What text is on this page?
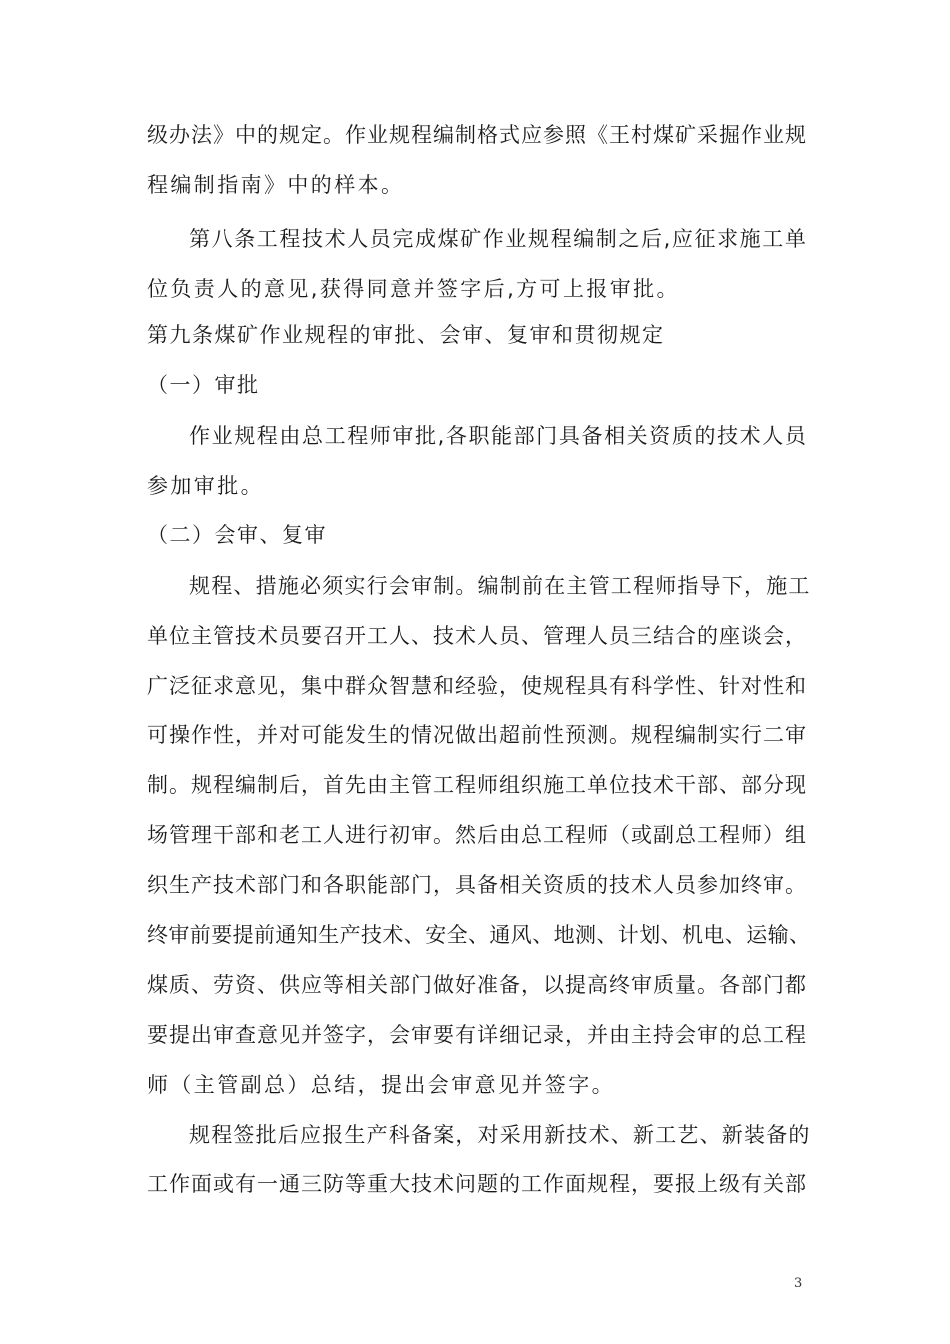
级办法》中的规定。作业规程编制格式应参照《王村煤矿采掘作业规
程编制指南》中的样本。
第八条工程技术人员完成煤矿作业规程编制之后,应征求施工单
位负责人的意见,获得同意并签字后,方可上报审批。
第九条煤矿作业规程的审批、会审、复审和贯彻规定
（一）审批
作业规程由总工程师审批,各职能部门具备相关资质的技术人员
参加审批。
（二）会审、复审
规程、措施必须实行会审制。编制前在主管工程师指导下，施工
单位主管技术员要召开工人、技术人员、管理人员三结合的座谈会，
广泛征求意见，集中群众智慧和经验，使规程具有科学性、针对性和
可操作性，并对可能发生的情况做出超前性预测。规程编制实行二审
制。规程编制后，首先由主管工程师组织施工单位技术干部、部分现
场管理干部和老工人进行初审。然后由总工程师（或副总工程师）组
织生产技术部门和各职能部门，具备相关资质的技术人员参加终审。
终审前要提前通知生产技术、安全、通风、地测、计划、机电、运输、
煤质、劳资、供应等相关部门做好准备，以提高终审质量。各部门都
要提出审查意见并签字，会审要有详细记录，并由主持会审的总工程
师（主管副总）总结，提出会审意见并签字。
规程签批后应报生产科备案，对采用新技术、新工艺、新装备的
工作面或有一通三防等重大技术问题的工作面规程，要报上级有关部
3
